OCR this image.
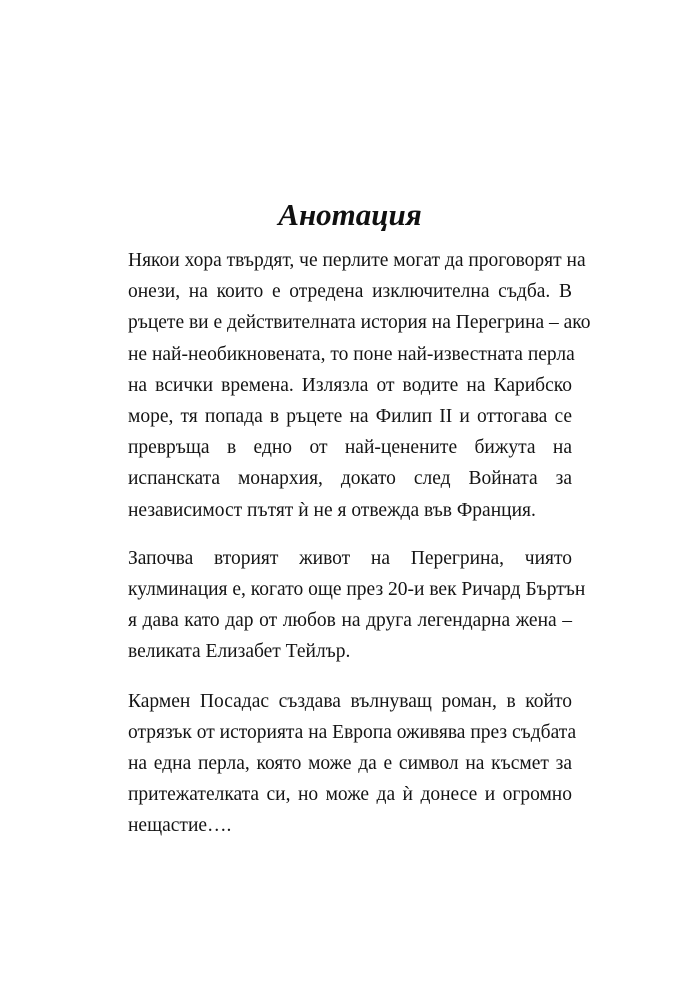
Анотация

Някои хора твърдят, че перлите могат да проговорят на
онези, на които е отредена изключителна съдба. В
ръцете ви е действителната история на Перегрина – ако
не най-необикновената, то поне най-известната перла
на всички времена. Излязла от водите на Карибско
море, тя попада в ръцете на Филип II и оттогава се
превръща в едно от най-ценените бижута на
испанската монархия, докато след Войната за
независимост пътят ѝ не я отвежда във Франция.

Започва вторият живот на Перегрина, чиято
кулминация е, когато още през 20-и век Ричард Бъртън
я дава като дар от любов на друга легендарна жена –
великата Елизабет Тейлър.

Кармен Посадас създава вълнуващ роман, в който
отрязък от историята на Европа оживява през съдбата
на една перла, която може да е символ на късмет за
притежателката си, но може да ѝ донесе и огромно
нещастие….
